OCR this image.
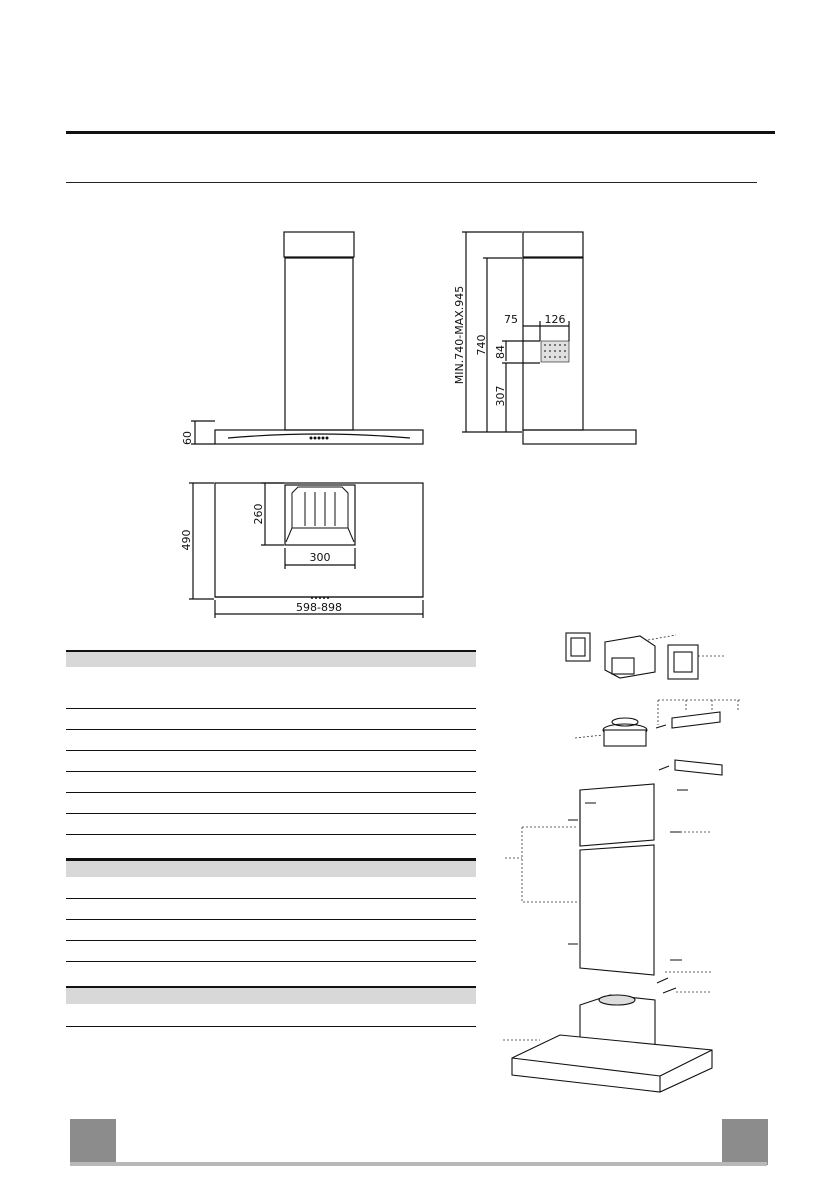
60
MIN.740-MAX.945 740
307
84
75 126
490
260
300
598-898
